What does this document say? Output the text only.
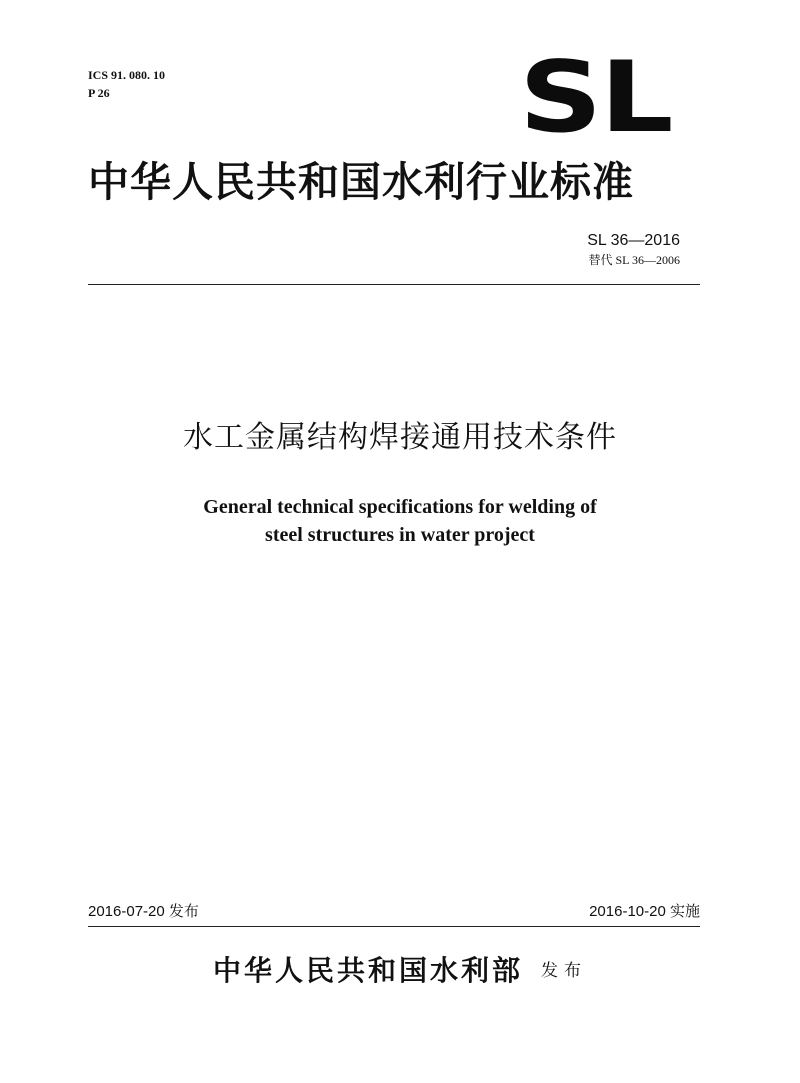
ICS 91. 080. 10
P 26	SL
中华人民共和国水利行业标准
SL 36—2016
替代 SL 36—2006
水工金属结构焊接通用技术条件
General technical specifications for welding of
steel structures in water project
2016-07-20 发布	2016-10-20 实施
中华人民共和国水利部 发布
